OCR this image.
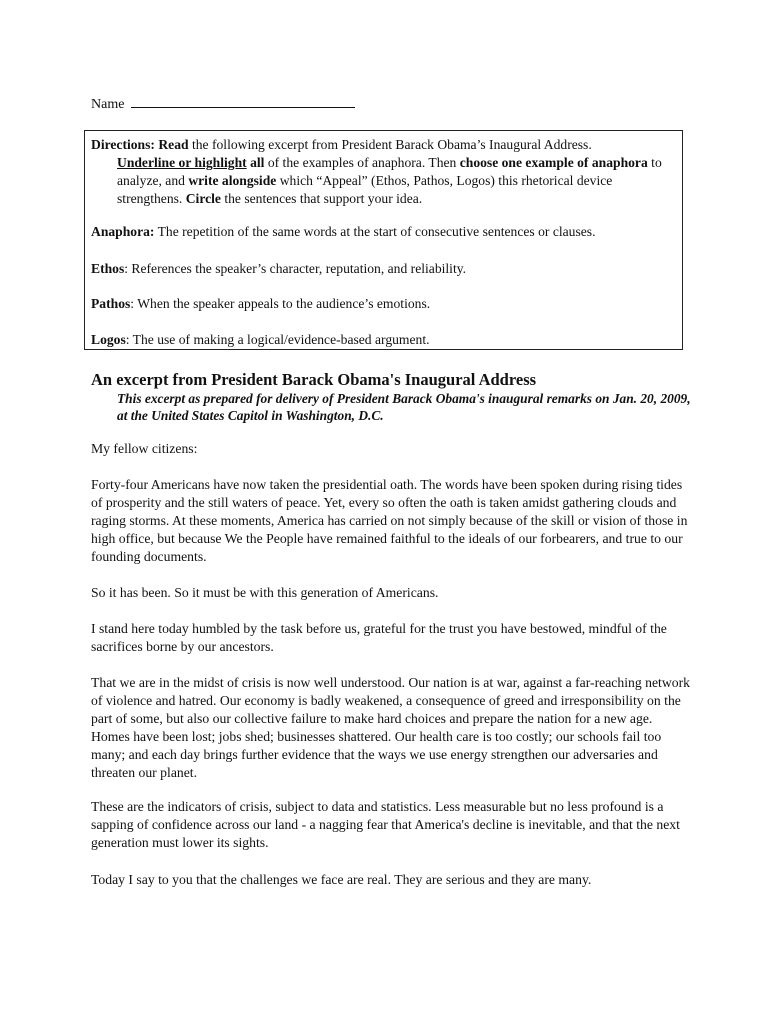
Name

Directions: Read the following excerpt from President Barack Obama’s Inaugural Address.

Underline or highlight all of the examples of anaphora. Then choose one example of anaphora to analyze, and write alongside which “Appeal” (Ethos, Pathos, Logos) this rhetorical device strengthens. Circle the sentences that support your idea.

Anaphora: The repetition of the same words at the start of consecutive sentences or clauses.

Ethos: References the speaker’s character, reputation, and reliability.

Pathos: When the speaker appeals to the audience’s emotions.

Logos: The use of making a logical/evidence-based argument.

An excerpt from President Barack Obama's Inaugural Address
This excerpt as prepared for delivery of President Barack Obama's inaugural remarks on Jan. 20, 2009, at the United States Capitol in Washington, D.C.

My fellow citizens:

Forty-four Americans have now taken the presidential oath. The words have been spoken during rising tides of prosperity and the still waters of peace. Yet, every so often the oath is taken amidst gathering clouds and raging storms. At these moments, America has carried on not simply because of the skill or vision of those in high office, but because We the People have remained faithful to the ideals of our forbearers, and true to our founding documents.

So it has been. So it must be with this generation of Americans.

I stand here today humbled by the task before us, grateful for the trust you have bestowed, mindful of the sacrifices borne by our ancestors.

That we are in the midst of crisis is now well understood. Our nation is at war, against a far-reaching network of violence and hatred. Our economy is badly weakened, a consequence of greed and irresponsibility on the part of some, but also our collective failure to make hard choices and prepare the nation for a new age. Homes have been lost; jobs shed; businesses shattered. Our health care is too costly; our schools fail too many; and each day brings further evidence that the ways we use energy strengthen our adversaries and threaten our planet.

These are the indicators of crisis, subject to data and statistics. Less measurable but no less profound is a sapping of confidence across our land - a nagging fear that America's decline is inevitable, and that the next generation must lower its sights.

Today I say to you that the challenges we face are real. They are serious and they are many.
